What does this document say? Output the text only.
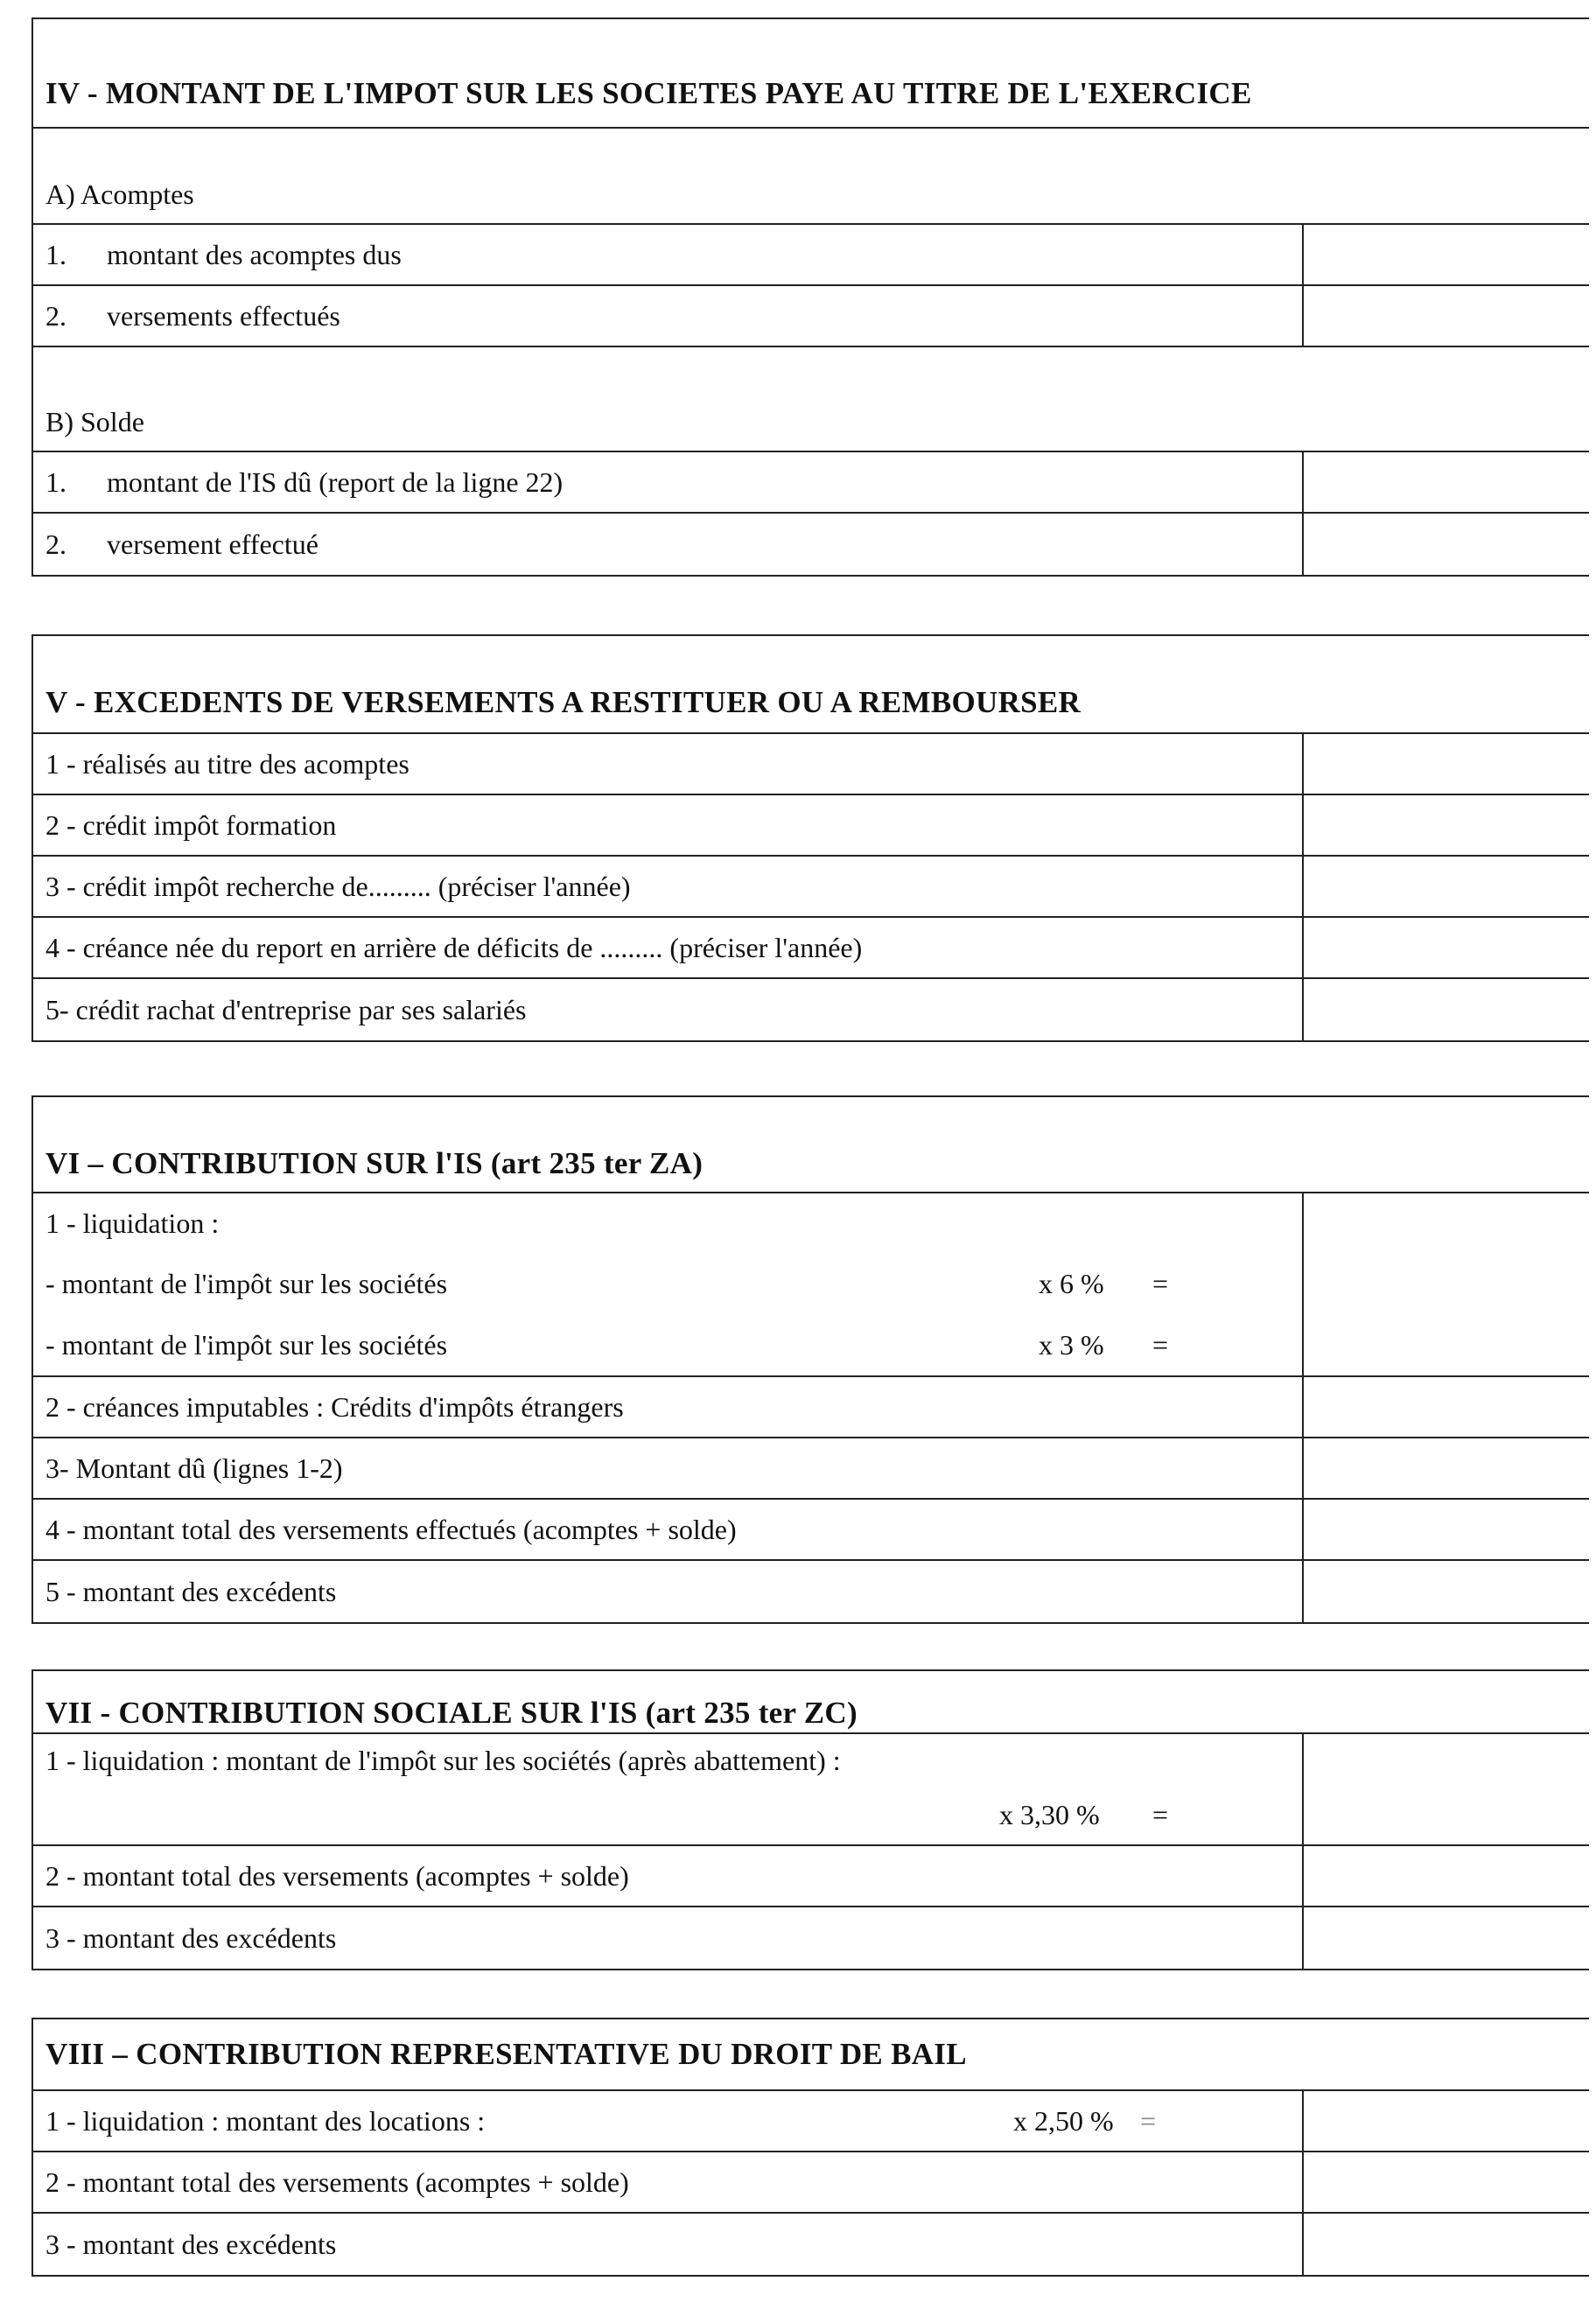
IV - MONTANT DE L'IMPOT SUR LES SOCIETES PAYE AU TITRE DE L'EXERCICE
A) Acomptes
1.	montant des acomptes dus
2.	versements effectués
B) Solde
1.	montant de l'IS dû (report de la ligne 22)
2.	versement effectué
V - EXCEDENTS DE VERSEMENTS A RESTITUER OU A REMBOURSER
1 - réalisés au titre des acomptes
2 - crédit impôt formation
3 - crédit impôt recherche de......... (préciser l'année)
4 - créance née du report en arrière de déficits de ......... (préciser l'année)
5- crédit rachat d'entreprise par ses salariés
VI – CONTRIBUTION SUR l'IS (art 235 ter ZA)
1 - liquidation :
- montant de l'impôt sur les sociétés	x 6 % =
- montant de l'impôt sur les sociétés	x 3 % =
2 - créances imputables : Crédits d'impôts étrangers
3- Montant dû (lignes 1-2)
4 - montant total des versements effectués (acomptes + solde)
5 - montant des excédents
VII - CONTRIBUTION SOCIALE SUR l'IS (art 235 ter ZC)
1 - liquidation : montant de l'impôt sur les sociétés (après abattement) :
x 3,30 % =
2 - montant total des versements (acomptes + solde)
3 - montant des excédents
VIII – CONTRIBUTION REPRESENTATIVE DU DROIT DE BAIL
1 - liquidation : montant des locations :	x 2,50 % =
2 - montant total des versements (acomptes + solde)
3 - montant des excédents
